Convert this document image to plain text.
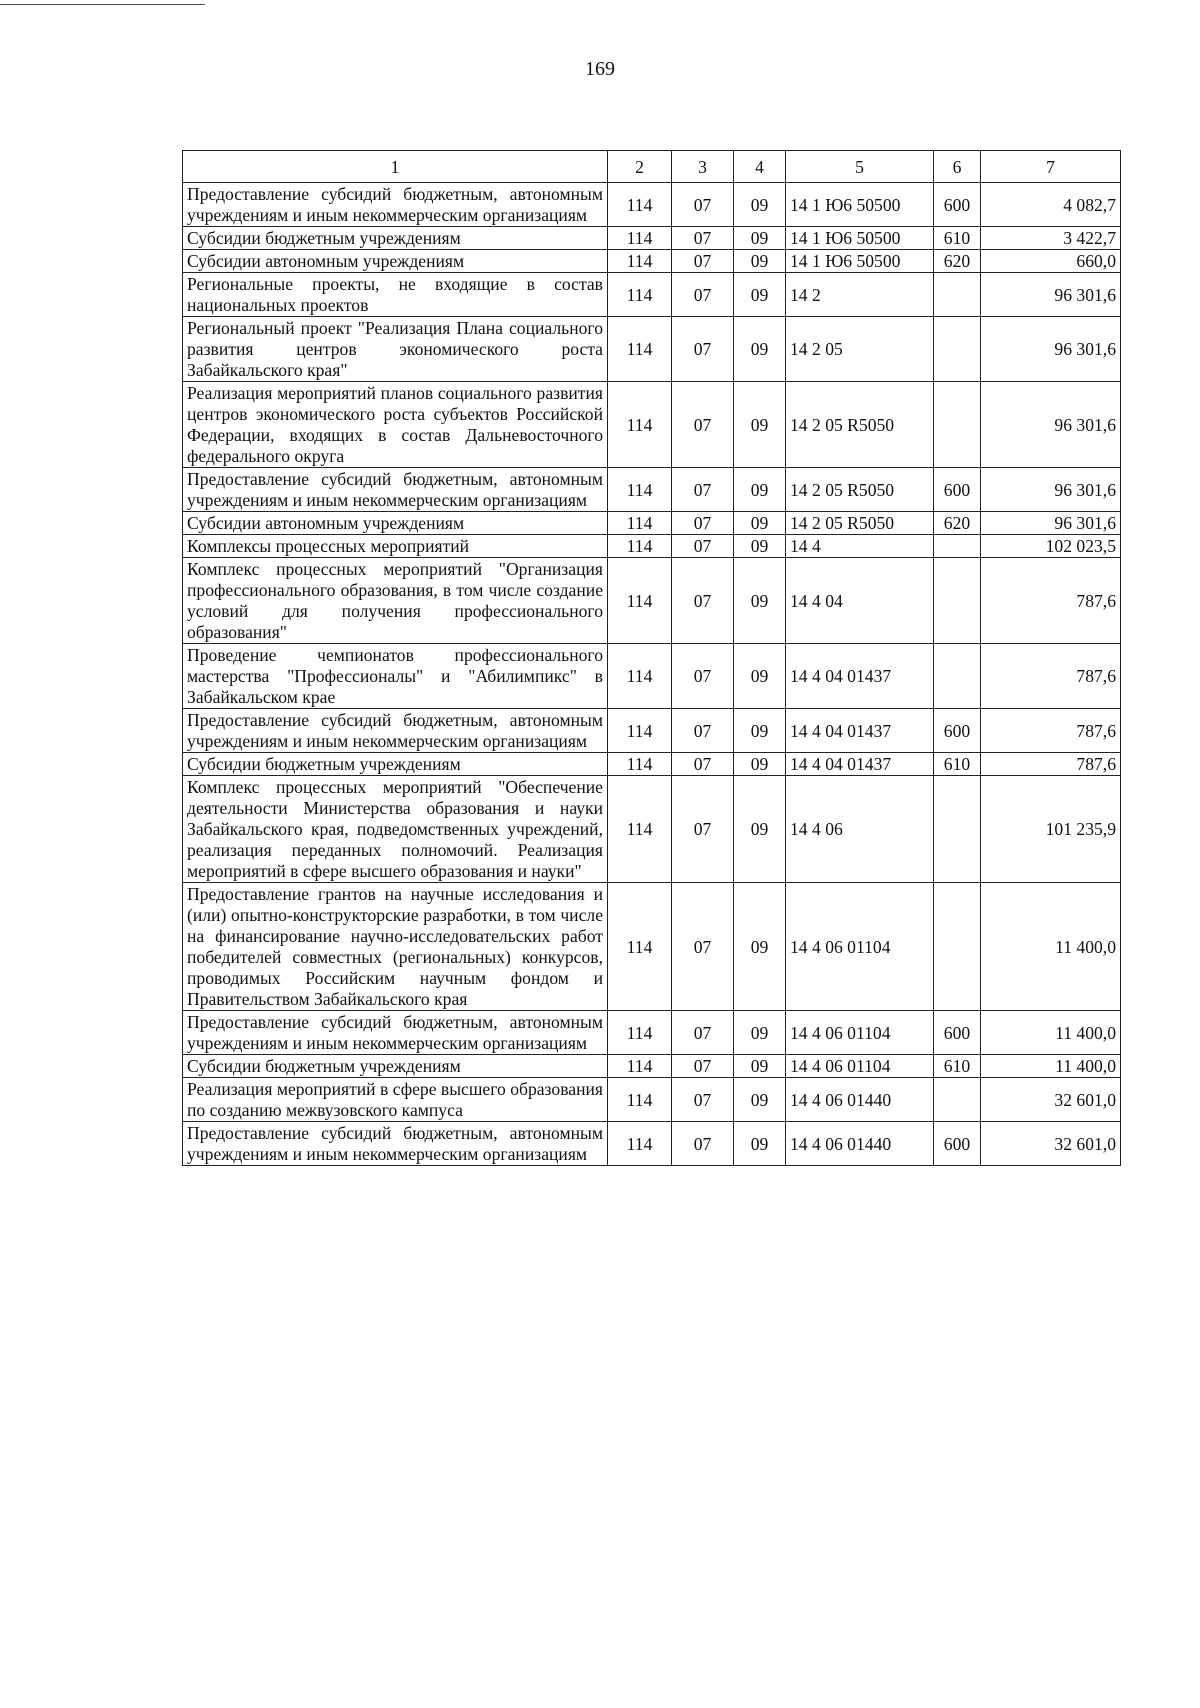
169
1	2	3	4	5	6	7
Предоставление субсидий бюджетным, автономным учреждениям и иным некоммерческим организациям	114	07	09	14 1 Ю6 50500	600	4 082,7
Субсидии бюджетным учреждениям	114	07	09	14 1 Ю6 50500	610	3 422,7
Субсидии автономным учреждениям	114	07	09	14 1 Ю6 50500	620	660,0
Региональные проекты, не входящие в состав национальных проектов	114	07	09	14 2		96 301,6
Региональный проект "Реализация Плана социального развития центров экономического роста Забайкальского края"	114	07	09	14 2 05		96 301,6
Реализация мероприятий планов социального развития центров экономического роста субъектов Российской Федерации, входящих в состав Дальневосточного федерального округа	114	07	09	14 2 05 R5050		96 301,6
Предоставление субсидий бюджетным, автономным учреждениям и иным некоммерческим организациям	114	07	09	14 2 05 R5050	600	96 301,6
Субсидии автономным учреждениям	114	07	09	14 2 05 R5050	620	96 301,6
Комплексы процессных мероприятий	114	07	09	14 4		102 023,5
Комплекс процессных мероприятий "Организация профессионального образования, в том числе создание условий для получения профессионального образования"	114	07	09	14 4 04		787,6
Проведение чемпионатов профессионального мастерства "Профессионалы" и "Абилимпикс" в Забайкальском крае	114	07	09	14 4 04 01437		787,6
Предоставление субсидий бюджетным, автономным учреждениям и иным некоммерческим организациям	114	07	09	14 4 04 01437	600	787,6
Субсидии бюджетным учреждениям	114	07	09	14 4 04 01437	610	787,6
Комплекс процессных мероприятий "Обеспечение деятельности Министерства образования и науки Забайкальского края, подведомственных учреждений, реализация переданных полномочий. Реализация мероприятий в сфере высшего образования и науки"	114	07	09	14 4 06		101 235,9
Предоставление грантов на научные исследования и (или) опытно-конструкторские разработки, в том числе на финансирование научно-исследовательских работ победителей совместных (региональных) конкурсов, проводимых Российским научным фондом и Правительством Забайкальского края	114	07	09	14 4 06 01104		11 400,0
Предоставление субсидий бюджетным, автономным учреждениям и иным некоммерческим организациям	114	07	09	14 4 06 01104	600	11 400,0
Субсидии бюджетным учреждениям	114	07	09	14 4 06 01104	610	11 400,0
Реализация мероприятий в сфере высшего образования по созданию межвузовского кампуса	114	07	09	14 4 06 01440		32 601,0
Предоставление субсидий бюджетным, автономным учреждениям и иным некоммерческим организациям	114	07	09	14 4 06 01440	600	32 601,0
